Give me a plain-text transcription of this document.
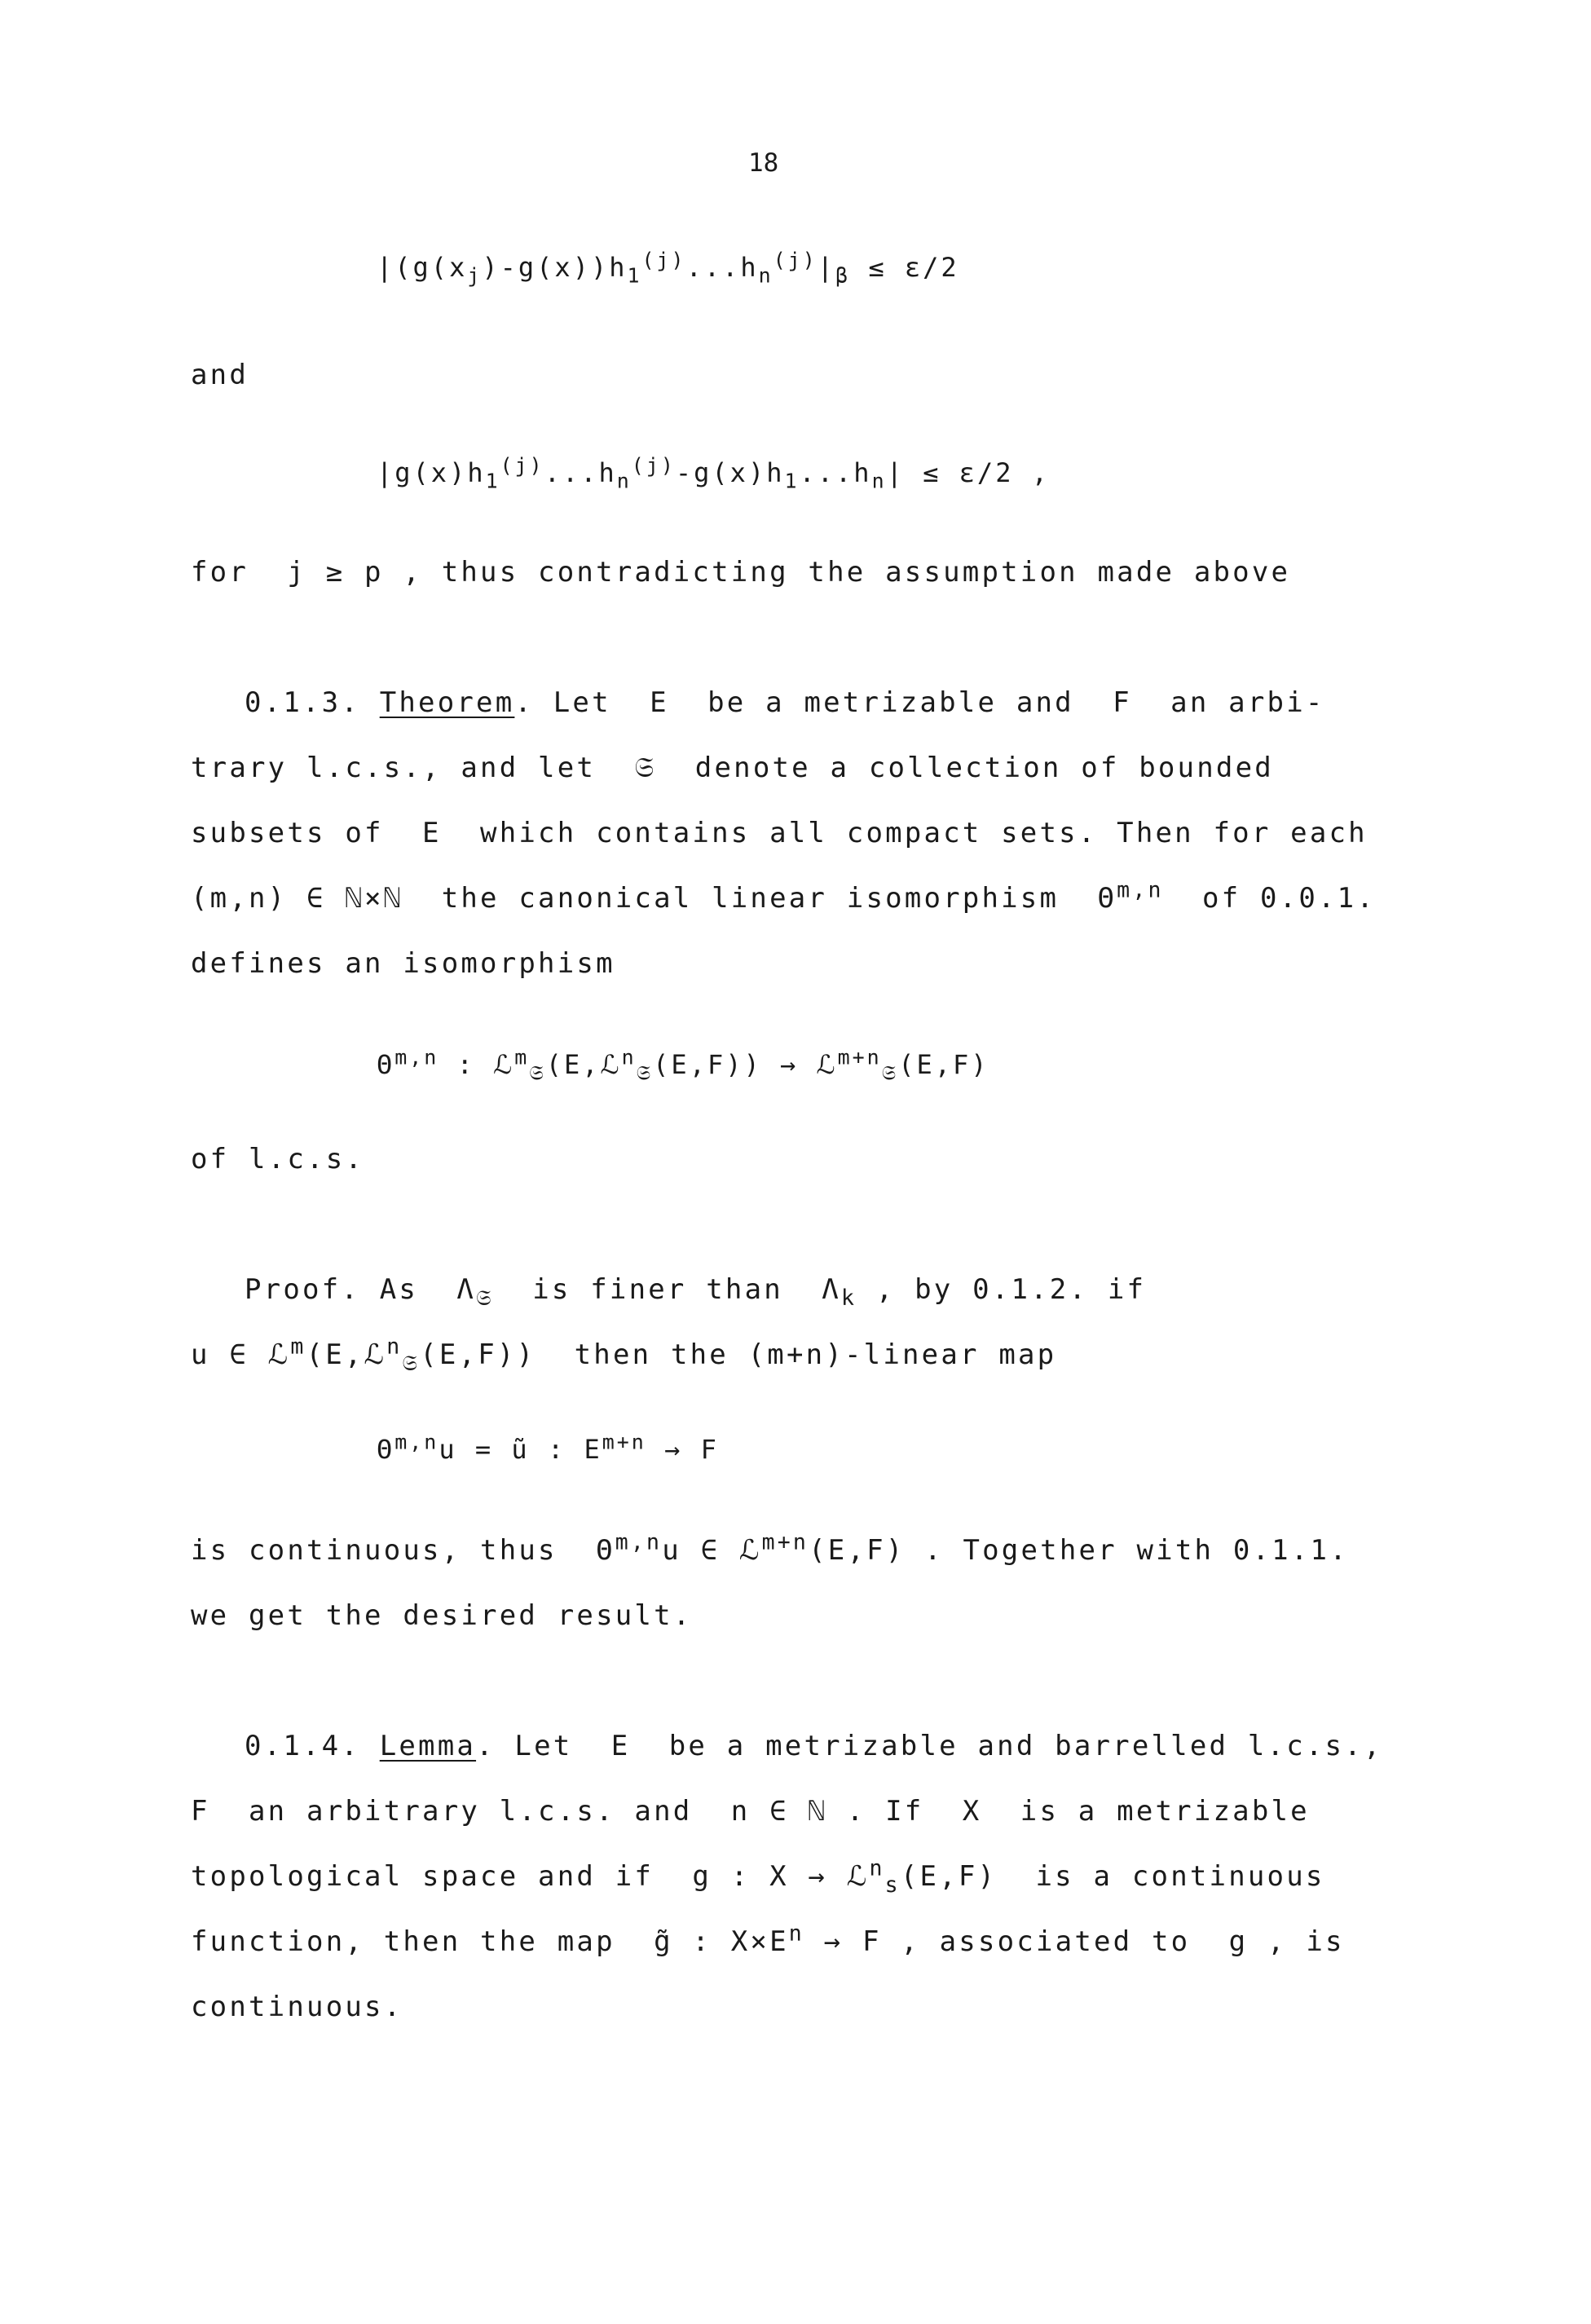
18
$|(g(x_j)-g(x))h_1^{(j)}...h_n^{(j)}|_\beta \le \varepsilon/2$
and
$|g(x)h_1^{(j)}...h_n^{(j)}-g(x)h_1...h_n| \le \varepsilon/2$ ,
for  j ≥ p , thus contradicting the assumption made above
0.1.3. Theorem. Let  E  be a metrizable and  F  an arbi-
trary l.c.s., and let  𝔖  denote a collection of bounded
subsets of  E  which contains all compact sets. Then for each
(m,n) ∈ ℕ×ℕ  the canonical linear isomorphism  Θ$^{m,n}$  of 0.0.1.
defines an isomorphism
Θ$^{m,n}$ : ℒ$^m_𝔖$(E,ℒ$^n_𝔖$(E,F)) → ℒ$^{m+n}_𝔖$(E,F)
of l.c.s.
Proof. As  $\Lambda_𝔖$  is finer than  $\Lambda_k$ , by 0.1.2. if
u ∈ ℒ$^m$(E,ℒ$^n_𝔖$(E,F))  then the (m+n)-linear map
Θ$^{m,n}$u = ũ : $E^{m+n} \to F$
is continuous, thus  Θ$^{m,n}$u ∈ ℒ$^{m+n}$(E,F) . Together with 0.1.1.
we get the desired result.
0.1.4. Lemma. Let  E  be a metrizable and barrelled l.c.s.,
F  an arbitrary l.c.s. and  n ∈ ℕ . If  X  is a metrizable
topological space and if  g : X → ℒ$^n_s$(E,F)  is a continuous
function, then the map  g̃ : $X\times E^n \to F$ , associated to  g , is
continuous.
